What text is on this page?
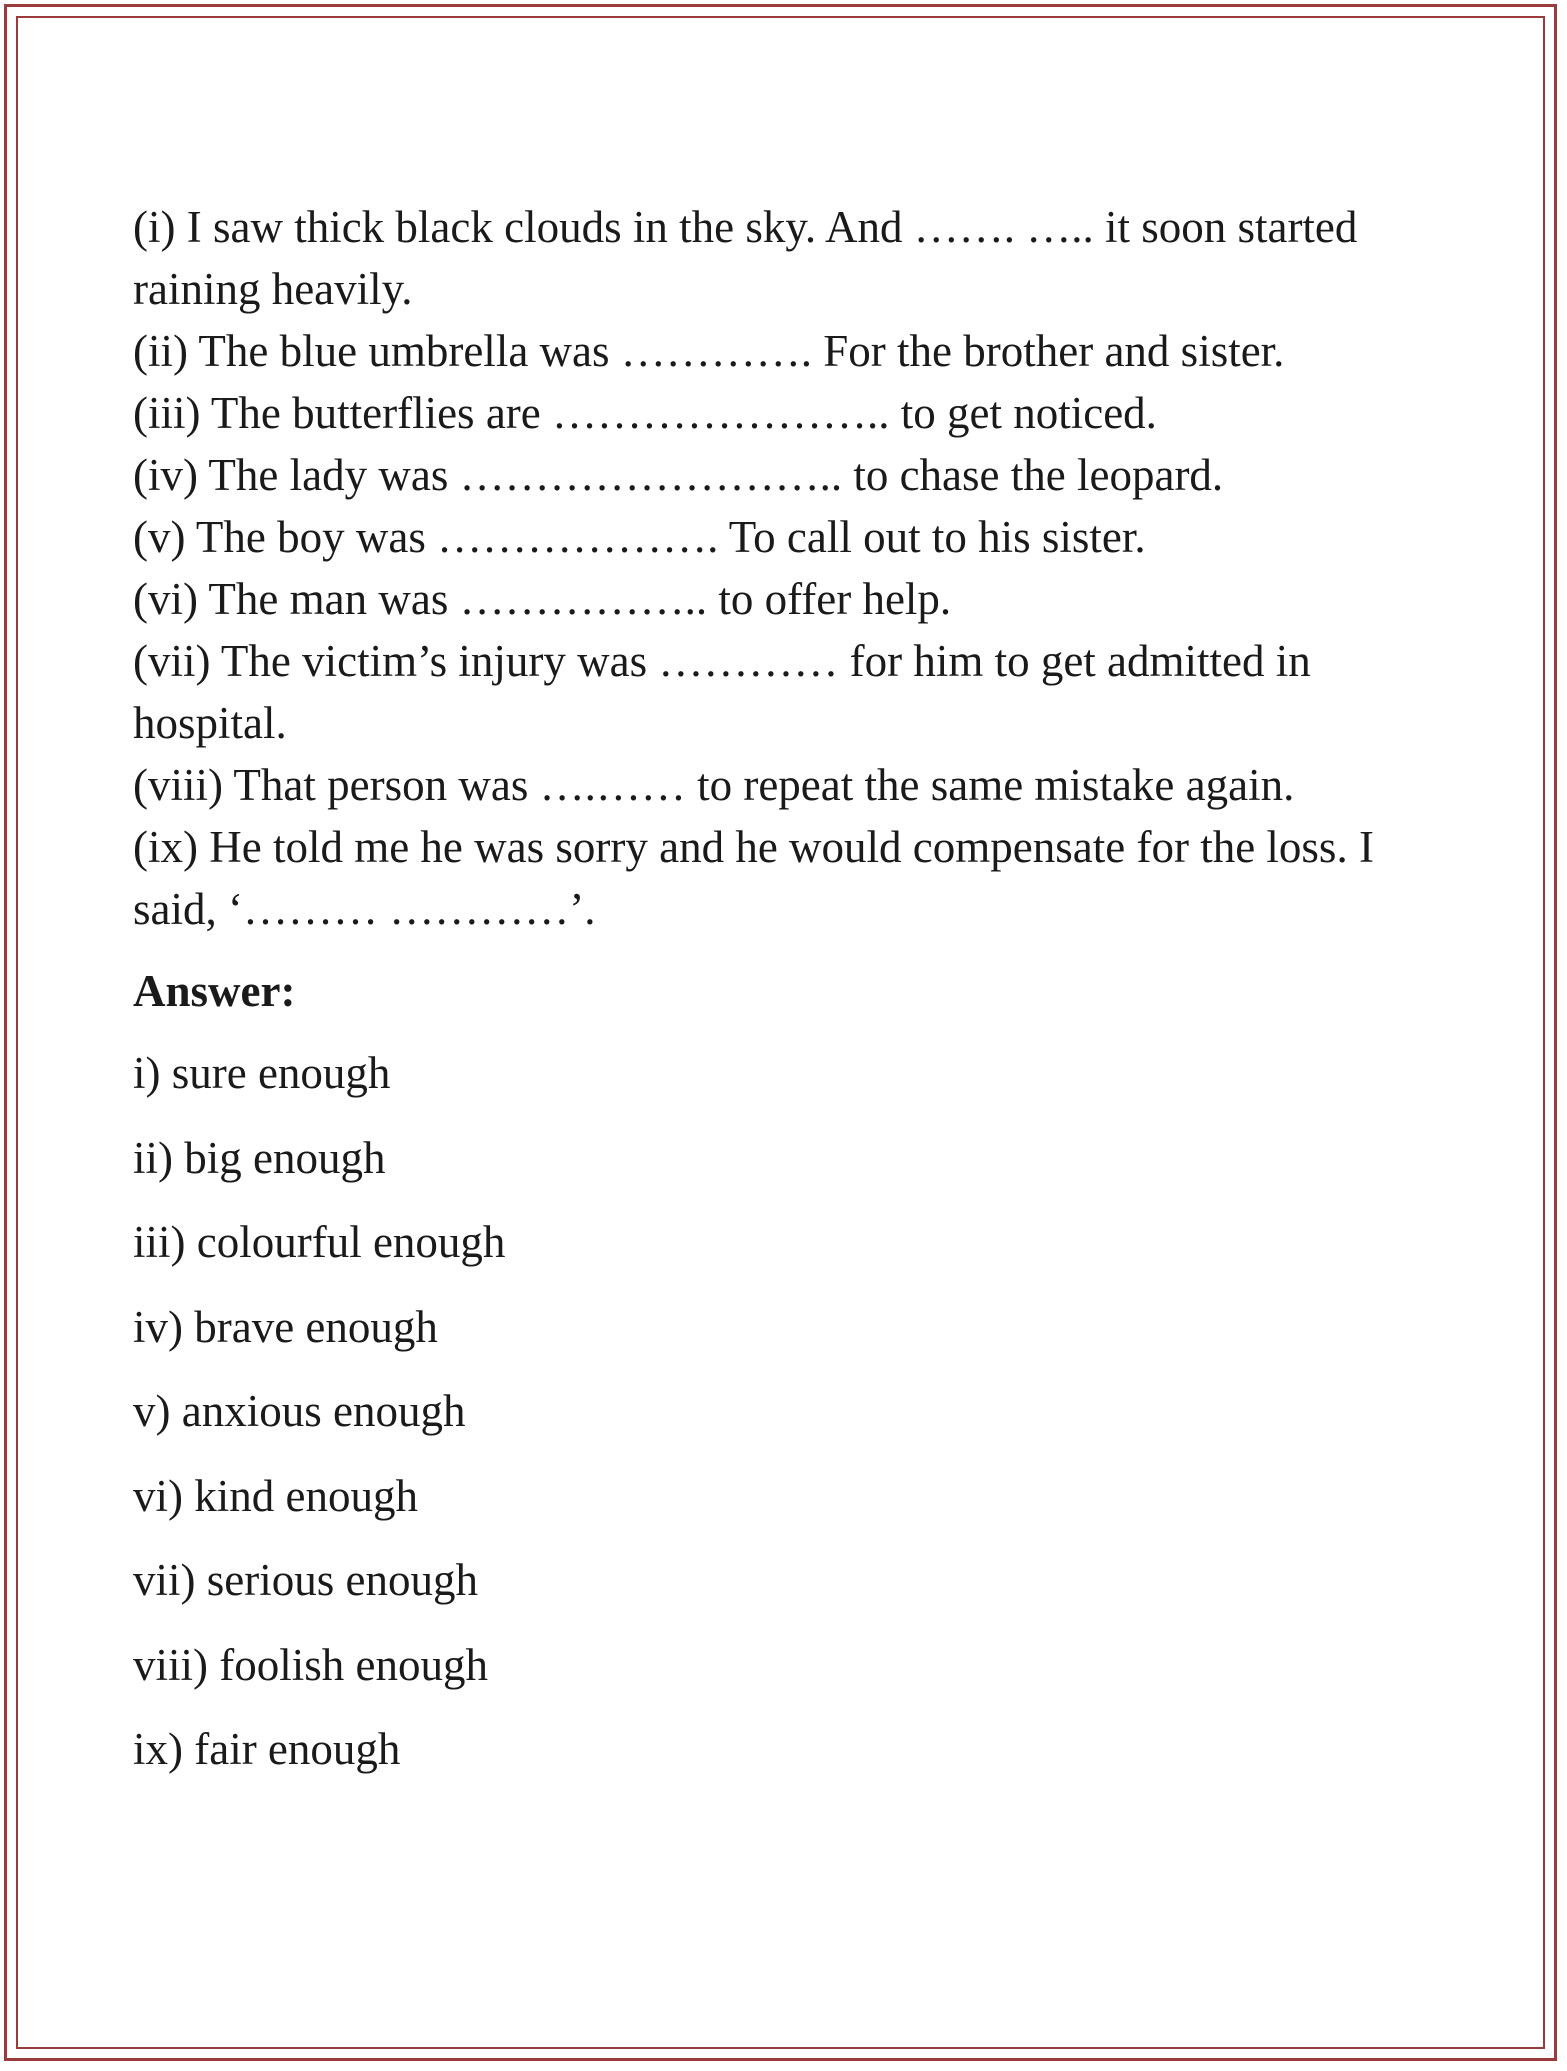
(i) I saw thick black clouds in the sky. And ……. ….. it soon started raining heavily.

(ii) The blue umbrella was …………. For the brother and sister.

(iii) The butterflies are ………………….. to get noticed.

(iv) The lady was …………………….. to chase the leopard.

(v) The boy was ………………. To call out to his sister.

(vi) The man was …………….. to offer help.

(vii) The victim’s injury was ………… for him to get admitted in hospital.

(viii) That person was ….…… to repeat the same mistake again.

(ix) He told me he was sorry and he would compensate for the loss. I said, ‘……… …………’.

Answer:

i) sure enough

ii) big enough

iii) colourful enough

iv) brave enough

v) anxious enough

vi) kind enough

vii) serious enough

viii) foolish enough

ix) fair enough
